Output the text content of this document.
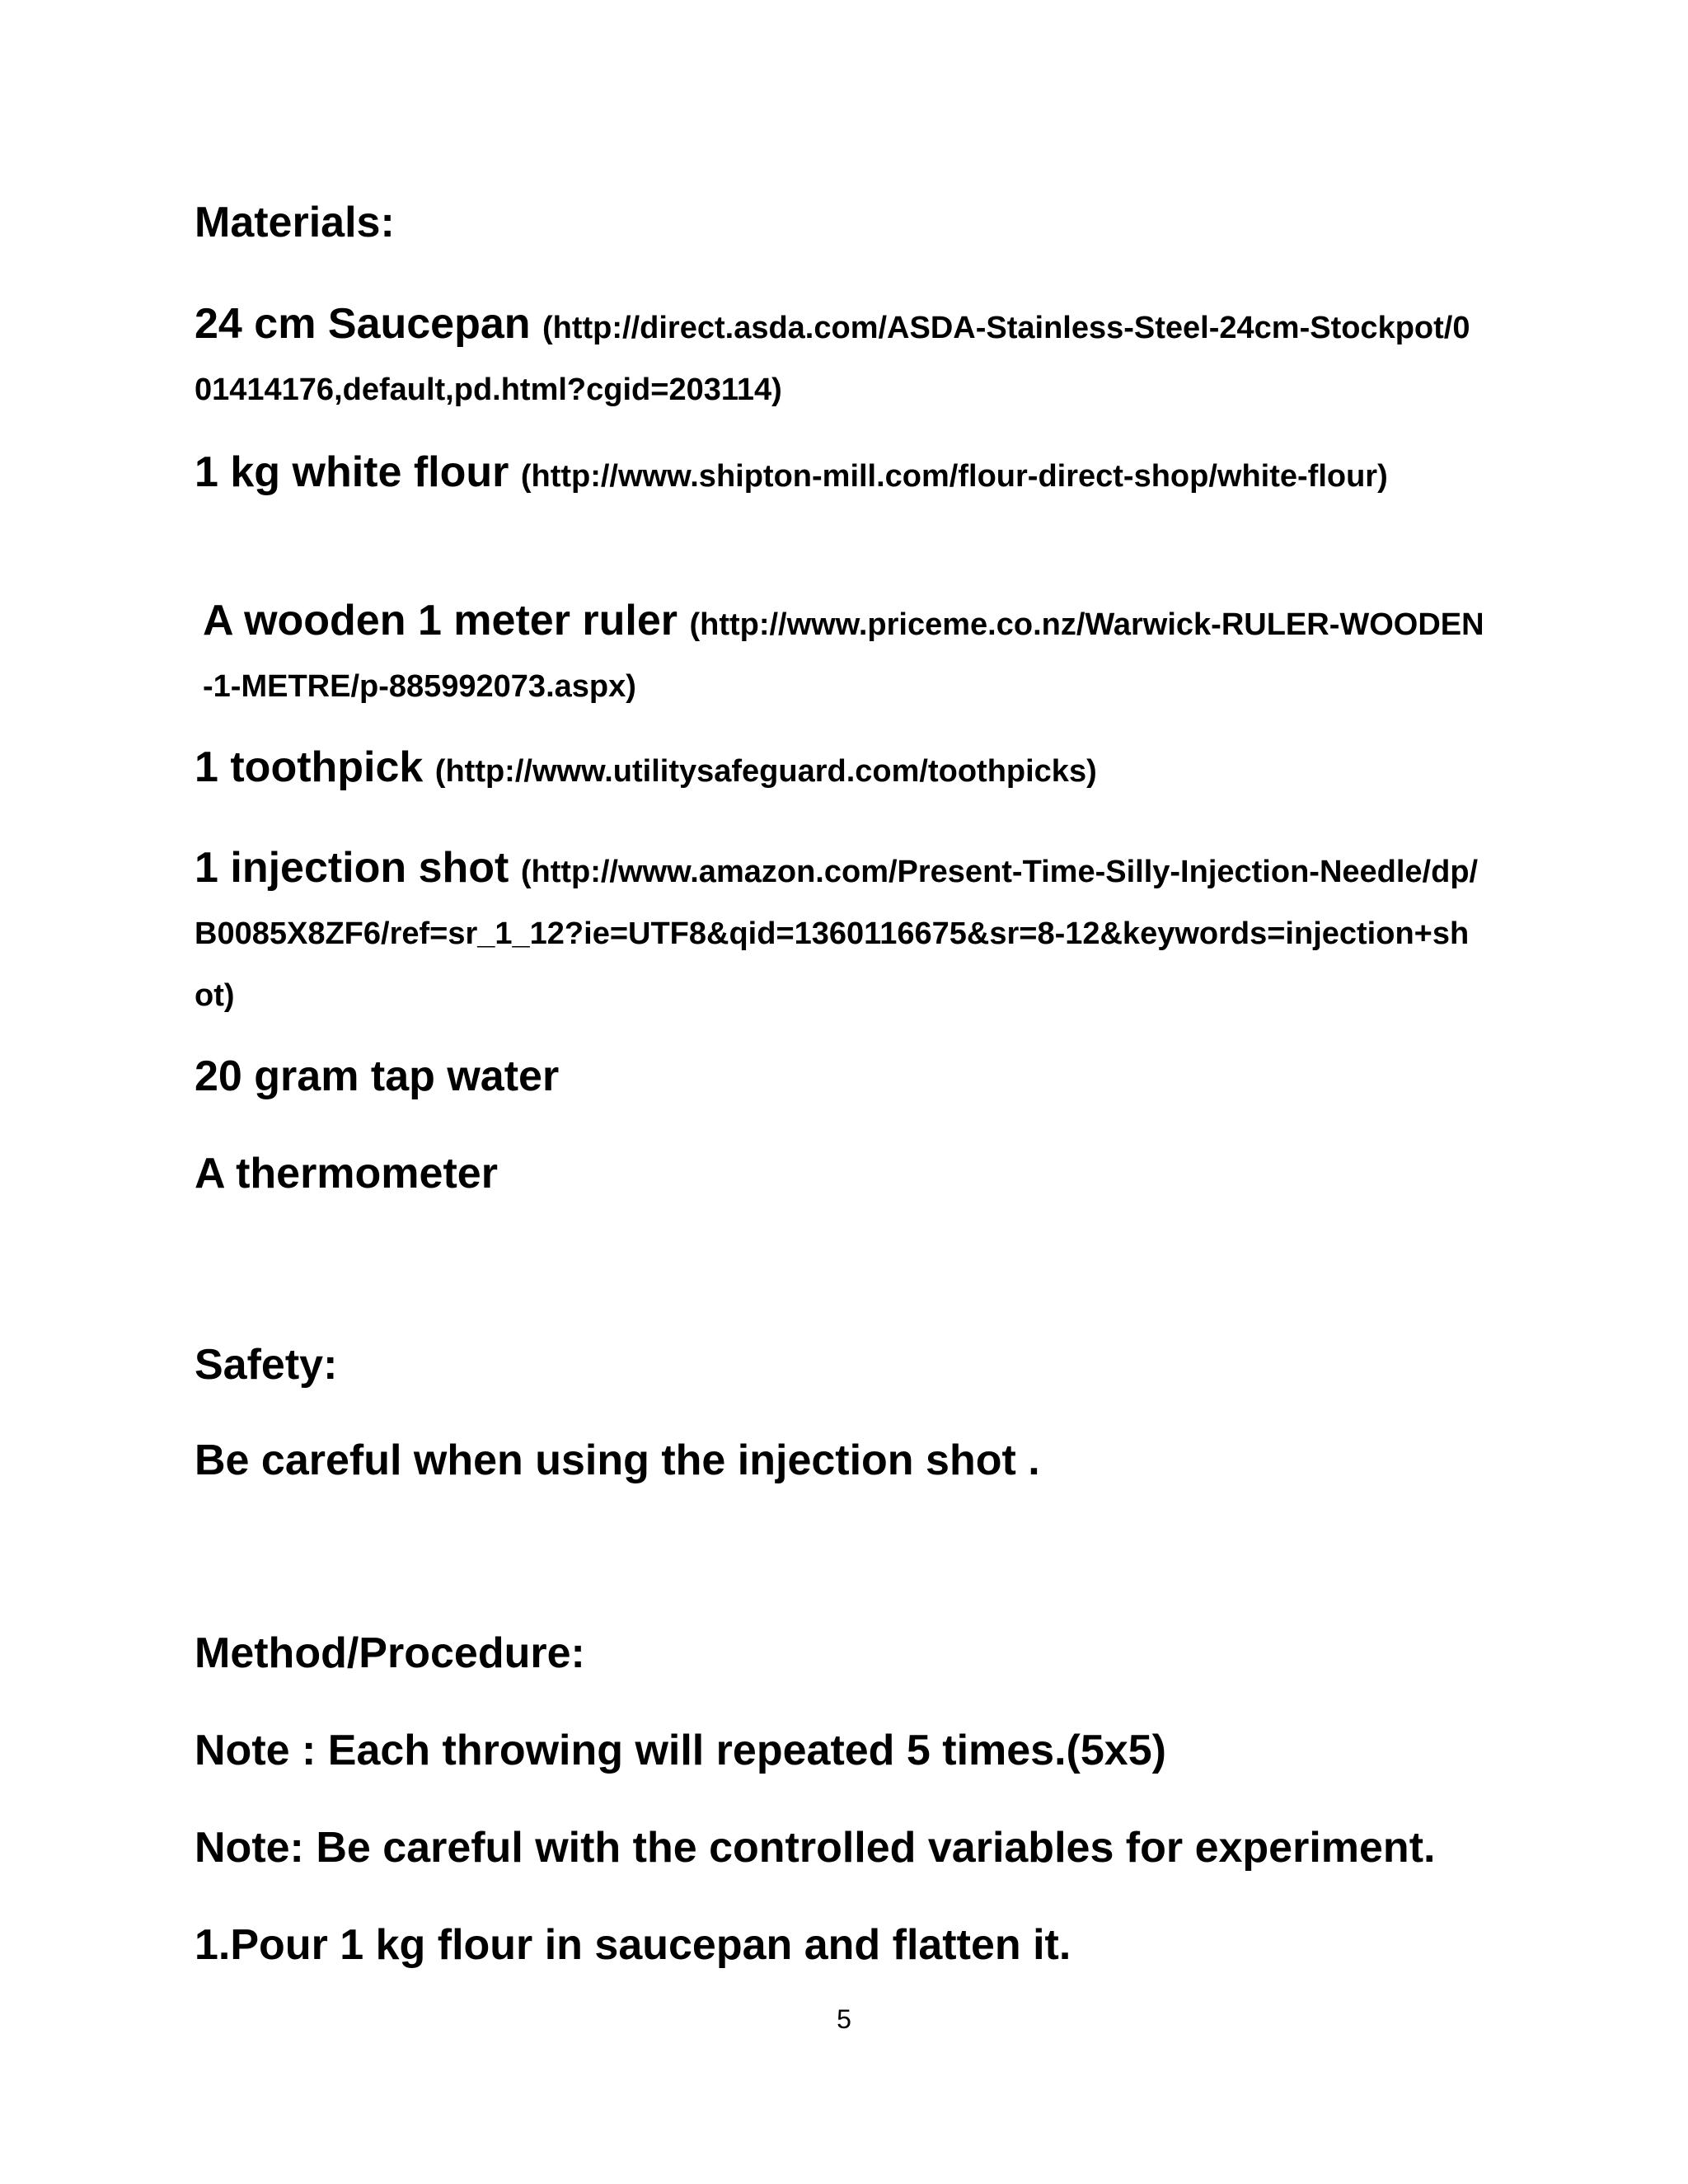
Materials:
24 cm Saucepan (http://direct.asda.com/ASDA-Stainless-Steel-24cm-Stockpot/001414176,default,pd.html?cgid=203114)
1 kg white flour (http://www.shipton-mill.com/flour-direct-shop/white-flour)
A wooden 1 meter ruler (http://www.priceme.co.nz/Warwick-RULER-WOODEN-1-METRE/p-885992073.aspx)
1 toothpick (http://www.utilitysafeguard.com/toothpicks)
1 injection shot (http://www.amazon.com/Present-Time-Silly-Injection-Needle/dp/B0085X8ZF6/ref=sr_1_12?ie=UTF8&qid=1360116675&sr=8-12&keywords=injection+shot)
20 gram tap water
A thermometer
Safety:
Be careful when using the injection shot .
Method/Procedure:
Note : Each throwing will repeated 5 times.(5x5)
Note: Be careful with the controlled variables for experiment.
1.Pour 1 kg flour in saucepan and flatten it.
5
